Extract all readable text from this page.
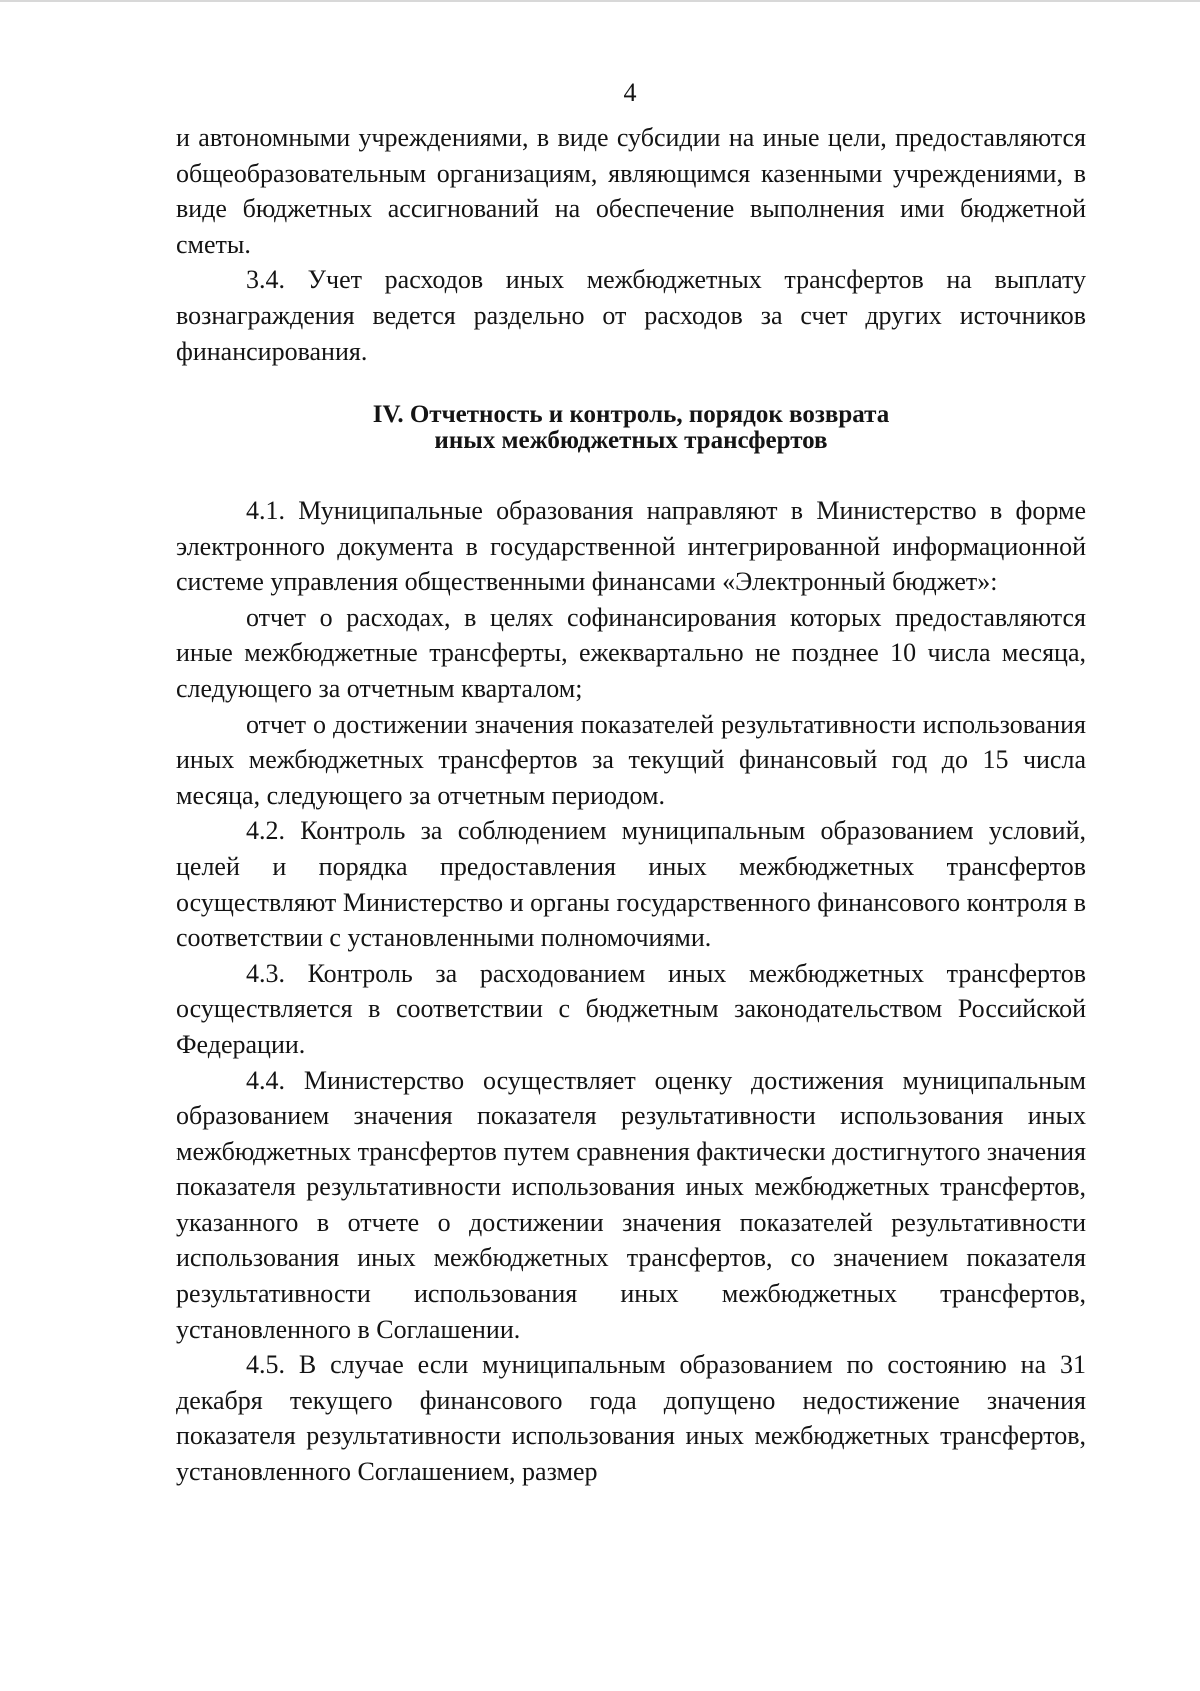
4

и автономными учреждениями, в виде субсидии на иные цели, предоставляются общеобразовательным организациям, являющимся казенными учреждениями, в виде бюджетных ассигнований на обеспечение выполнения ими бюджетной сметы.

3.4. Учет расходов иных межбюджетных трансфертов на выплату вознаграждения ведется раздельно от расходов за счет других источников финансирования.

IV. Отчетность и контроль, порядок возврата
иных межбюджетных трансфертов

4.1. Муниципальные образования направляют в Министерство в форме электронного документа в государственной интегрированной информационной системе управления общественными финансами «Электронный бюджет»:

отчет о расходах, в целях софинансирования которых предоставляются иные межбюджетные трансферты, ежеквартально не позднее 10 числа месяца, следующего за отчетным кварталом;

отчет о достижении значения показателей результативности использования иных межбюджетных трансфертов за текущий финансовый год до 15 числа месяца, следующего за отчетным периодом.

4.2. Контроль за соблюдением муниципальным образованием условий, целей и порядка предоставления иных межбюджетных трансфертов осуществляют Министерство и органы государственного финансового контроля в соответствии с установленными полномочиями.

4.3. Контроль за расходованием иных межбюджетных трансфертов осуществляется в соответствии с бюджетным законодательством Российской Федерации.

4.4. Министерство осуществляет оценку достижения муниципальным образованием значения показателя результативности использования иных межбюджетных трансфертов путем сравнения фактически достигнутого значения показателя результативности использования иных межбюджетных трансфертов, указанного в отчете о достижении значения показателей результативности использования иных межбюджетных трансфертов, со значением показателя результативности использования иных межбюджетных трансфертов, установленного в Соглашении.

4.5. В случае если муниципальным образованием по состоянию на 31 декабря текущего финансового года допущено недостижение значения показателя результативности использования иных межбюджетных трансфертов, установленного Соглашением, размер
